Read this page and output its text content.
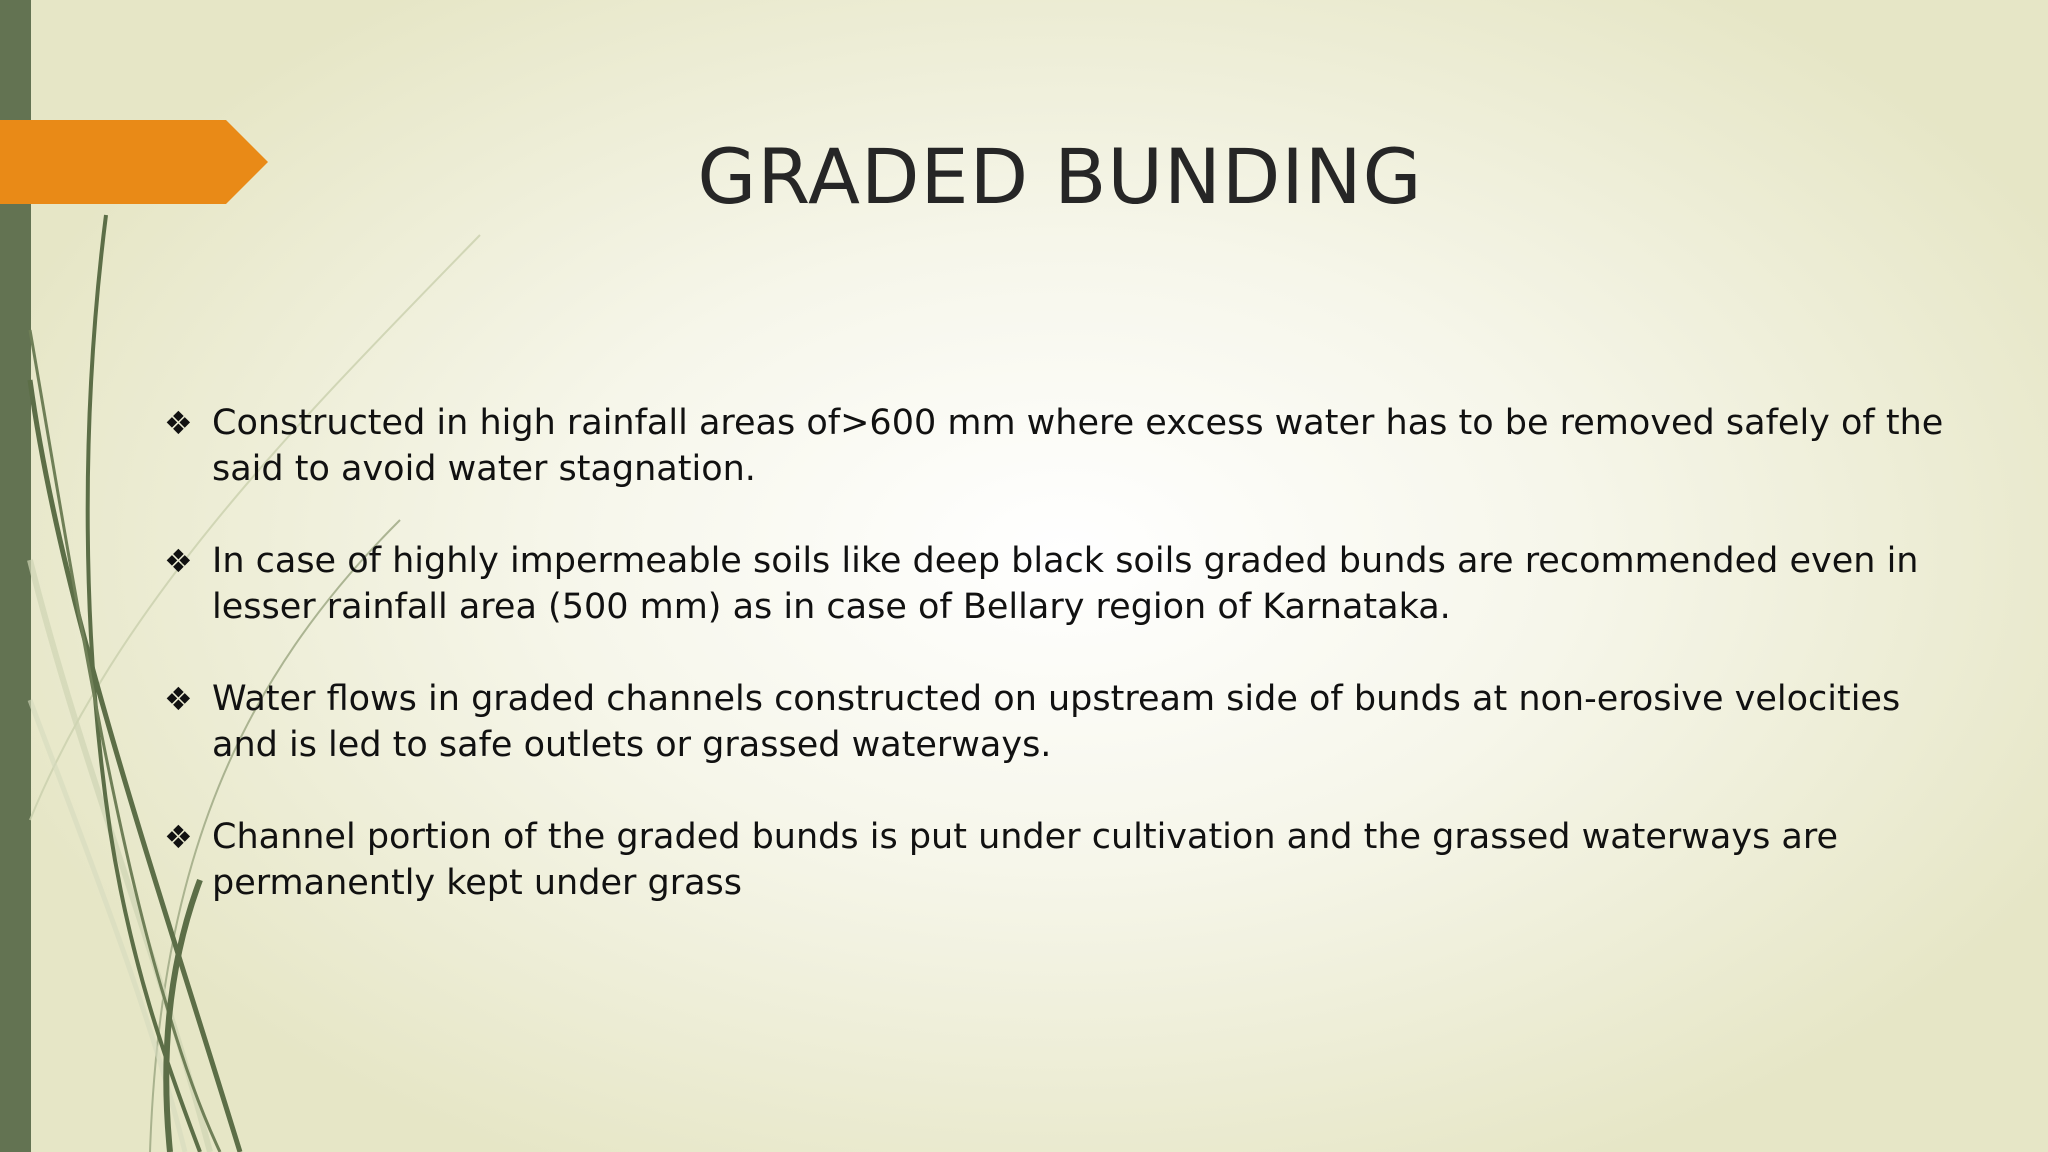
GRADED BUNDING
❖ Constructed in high rainfall areas of>600 mm where excess water has to be removed safely of the said to avoid water stagnation.
❖ In case of highly impermeable soils like deep black soils graded bunds are recommended even in lesser rainfall area (500 mm) as in case of Bellary region of Karnataka.
❖ Water flows in graded channels constructed on upstream side of bunds at non-erosive velocities and is led to safe outlets or grassed waterways.
❖ Channel portion of the graded bunds is put under cultivation and the grassed waterways are permanently kept under grass
